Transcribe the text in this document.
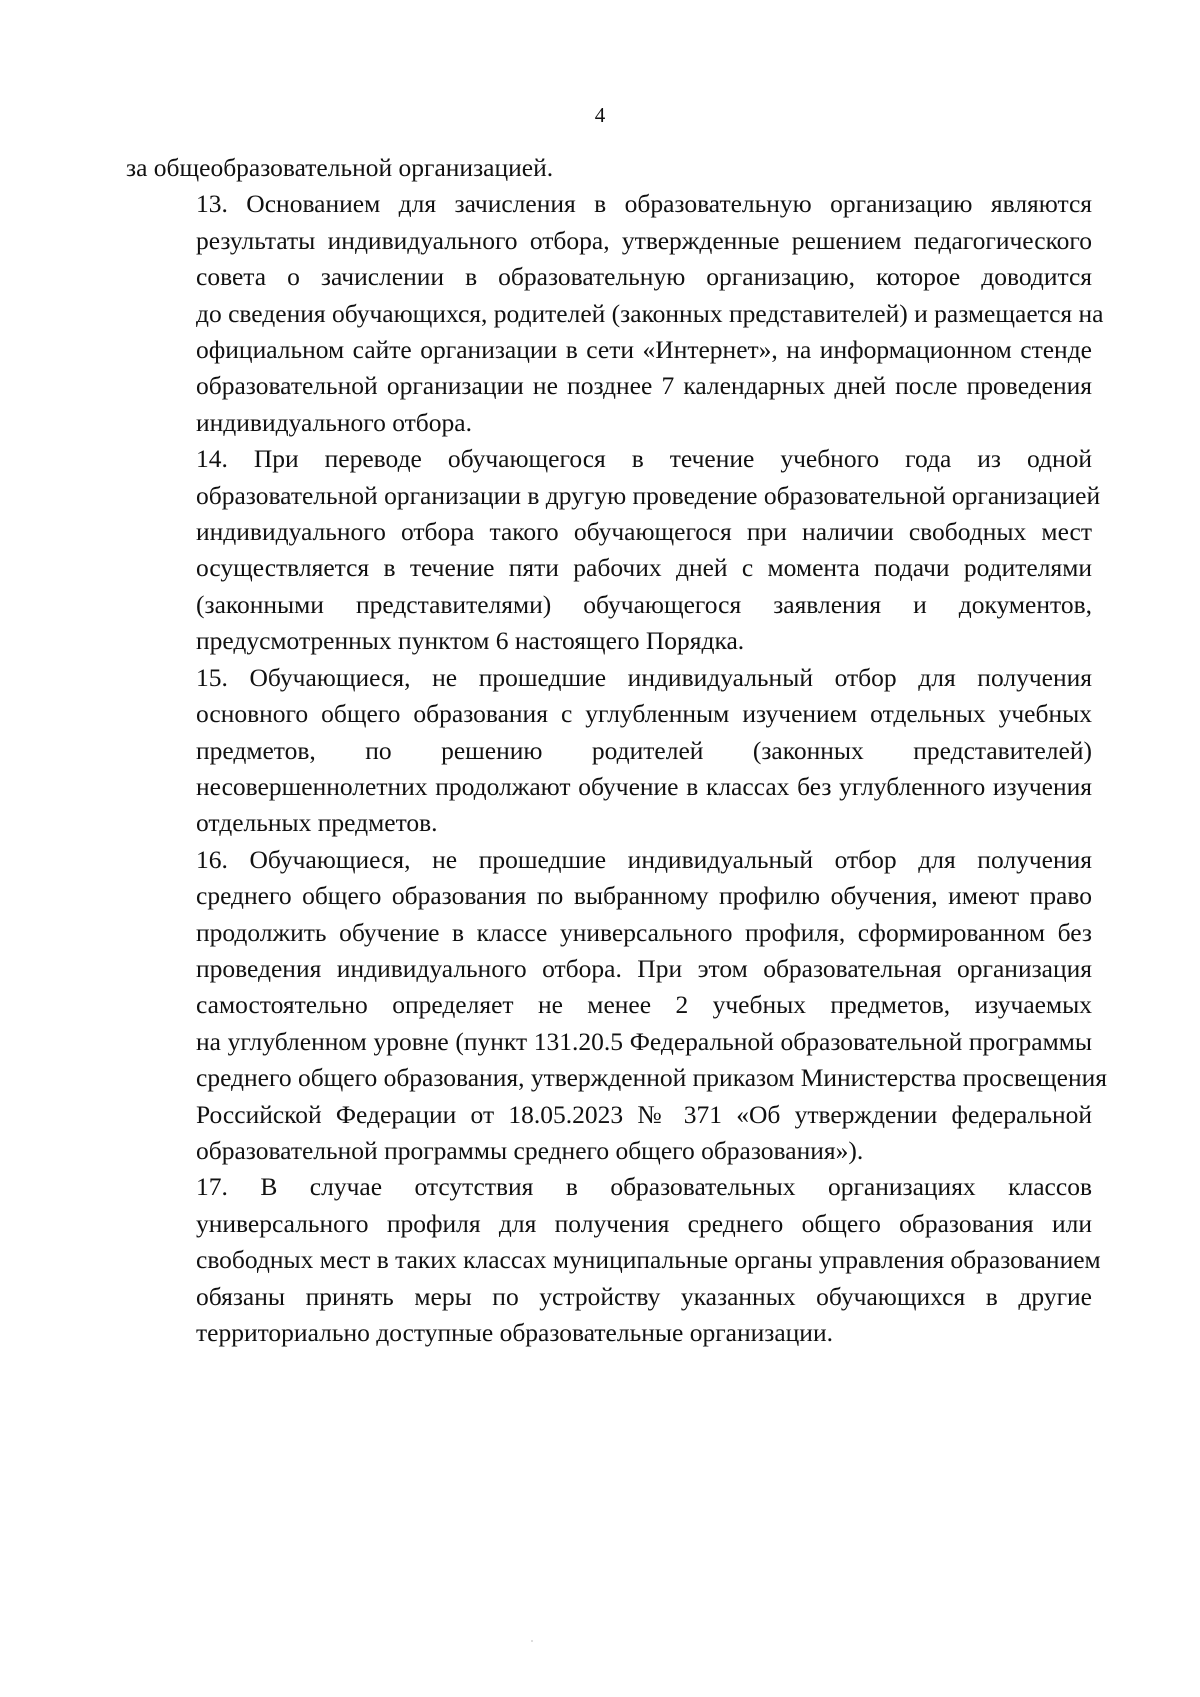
4
за общеобразовательной организацией.
13. Основанием для зачисления в образовательную организацию являются
результаты индивидуального отбора, утвержденные решением педагогического
совета о зачислении в образовательную организацию, которое доводится
до сведения обучающихся, родителей (законных представителей) и размещается на
официальном сайте организации в сети «Интернет», на информационном стенде
образовательной организации не позднее 7 календарных дней после проведения
индивидуального отбора.
14. При переводе обучающегося в течение учебного года из одной
образовательной организации в другую проведение образовательной организацией
индивидуального отбора такого обучающегося при наличии свободных мест
осуществляется в течение пяти рабочих дней с момента подачи родителями
(законными представителями) обучающегося заявления и документов,
предусмотренных пунктом 6 настоящего Порядка.
15. Обучающиеся, не прошедшие индивидуальный отбор для получения
основного общего образования с углубленным изучением отдельных учебных
предметов, по решению родителей (законных представителей)
несовершеннолетних продолжают обучение в классах без углубленного изучения
отдельных предметов.
16. Обучающиеся, не прошедшие индивидуальный отбор для получения
среднего общего образования по выбранному профилю обучения, имеют право
продолжить обучение в классе универсального профиля, сформированном без
проведения индивидуального отбора. При этом образовательная организация
самостоятельно определяет не менее 2 учебных предметов, изучаемых
на углубленном уровне (пункт 131.20.5 Федеральной образовательной программы
среднего общего образования, утвержденной приказом Министерства просвещения
Российской Федерации от 18.05.2023 № 371 «Об утверждении федеральной
образовательной программы среднего общего образования»).
17. В случае отсутствия в образовательных организациях классов
универсального профиля для получения среднего общего образования или
свободных мест в таких классах муниципальные органы управления образованием
обязаны принять меры по устройству указанных обучающихся в другие
территориально доступные образовательные организации.
